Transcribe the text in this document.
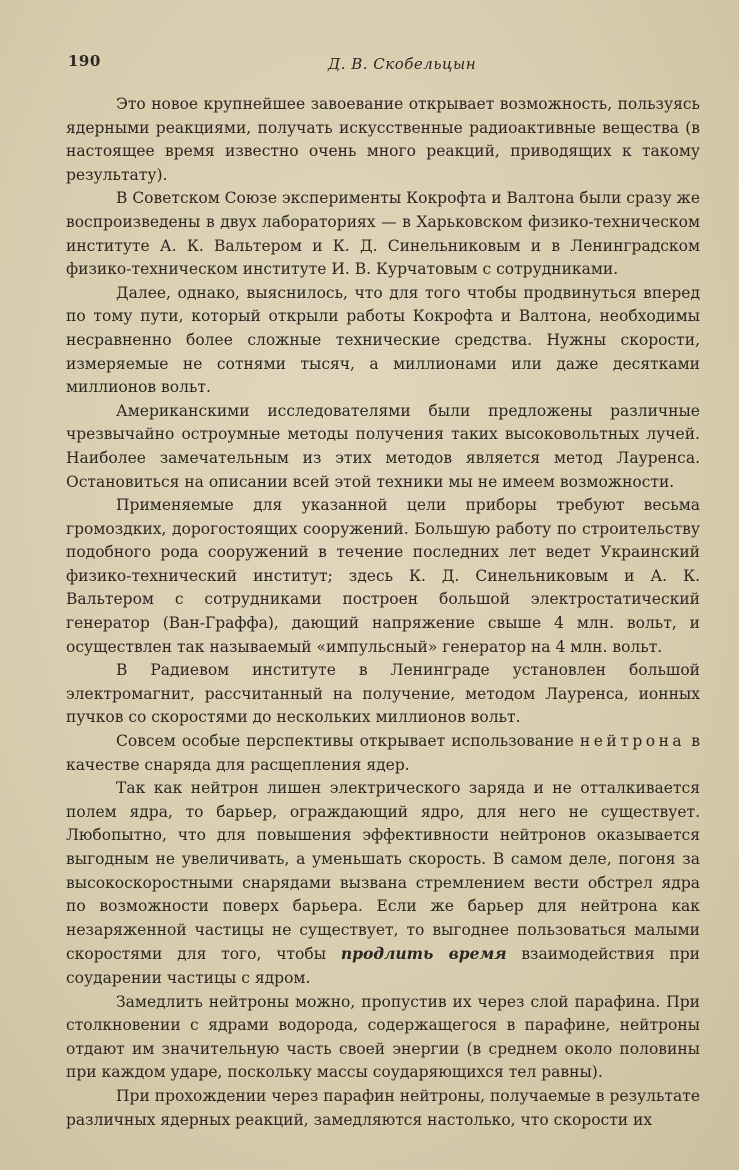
190	Д. В. Скобельцын

Это новое крупнейшее завоевание открывает возможность, пользуясь ядерными реакциями, получать искусственные радиоактивные вещества (в настоящее время известно очень много реакций, приводящих к такому результату).

В Советском Союзе эксперименты Кокрофта и Валтона были сразу же воспроизведены в двух лабораториях — в Харьковском физико-техническом институте А. К. Вальтером и К. Д. Синельниковым и в Ленинградском физико-техническом институте И. В. Курчатовым с сотрудниками.

Далее, однако, выяснилось, что для того чтобы продвинуться вперед по тому пути, который открыли работы Кокрофта и Валтона, необходимы несравненно более сложные технические средства. Нужны скорости, измеряемые не сотнями тысяч, а миллионами или даже десятками миллионов вольт.

Американскими исследователями были предложены различные чрезвычайно остроумные методы получения таких высоковольтных лучей. Наиболее замечательным из этих методов является метод Лауренса. Остановиться на описании всей этой техники мы не имеем возможности.

Применяемые для указанной цели приборы требуют весьма громоздких, дорогостоящих сооружений. Большую работу по строительству подобного рода сооружений в течение последних лет ведет Украинский физико-технический институт; здесь К. Д. Синельниковым и А. К. Вальтером с сотрудниками построен большой электростатический генератор (Ван-Граффа), дающий напряжение свыше 4 млн. вольт, и осуществлен так называемый «импульсный» генератор на 4 млн. вольт.

В Радиевом институте в Ленинграде установлен большой электромагнит, рассчитанный на получение, методом Лауренса, ионных пучков со скоростями до нескольких миллионов вольт.

Совсем особые перспективы открывает использование нейтрона в качестве снаряда для расщепления ядер.

Так как нейтрон лишен электрического заряда и не отталкивается полем ядра, то барьер, ограждающий ядро, для него не существует. Любопытно, что для повышения эффективности нейтронов оказывается выгодным не увеличивать, а уменьшать скорость. В самом деле, погоня за высокоскоростными снарядами вызвана стремлением вести обстрел ядра по возможности поверх барьера. Если же барьер для нейтрона как незаряженной частицы не существует, то выгоднее пользоваться малыми скоростями для того, чтобы продлить время взаимодействия при соударении частицы с ядром.

Замедлить нейтроны можно, пропустив их через слой парафина. При столкновении с ядрами водорода, содержащегося в парафине, нейтроны отдают им значительную часть своей энергии (в среднем около половины при каждом ударе, поскольку массы соударяющихся тел равны).

При прохождении через парафин нейтроны, получаемые в результате различных ядерных реакций, замедляются настолько, что скорости их
